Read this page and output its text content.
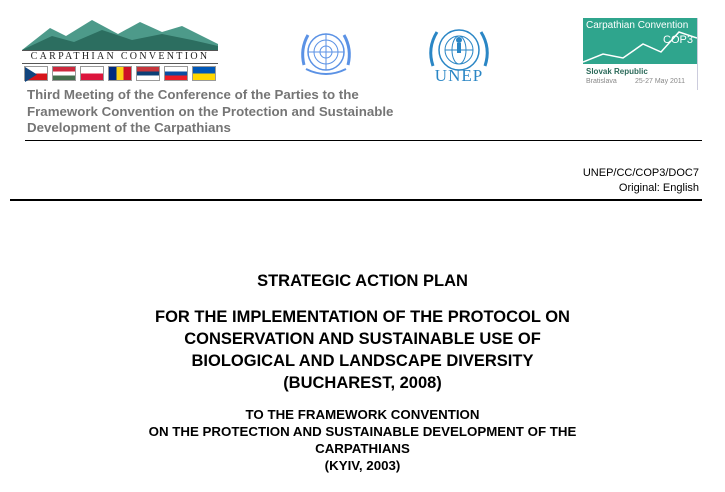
CARPATHIAN CONVENTION
UNEP
Carpathian Convention
COP3
Slovak Republic
Bratislava	25-27 May 2011
Third Meeting of the Conference of the Parties to the
Framework Convention on the Protection and Sustainable
Development of the Carpathians
UNEP/CC/COP3/DOC7
Original: English
STRATEGIC ACTION PLAN
FOR THE IMPLEMENTATION OF THE PROTOCOL ON
CONSERVATION AND SUSTAINABLE USE OF
BIOLOGICAL AND LANDSCAPE DIVERSITY
(BUCHAREST, 2008)
TO THE FRAMEWORK CONVENTION
ON THE PROTECTION AND SUSTAINABLE DEVELOPMENT OF THE
CARPATHIANS
(KYIV, 2003)
